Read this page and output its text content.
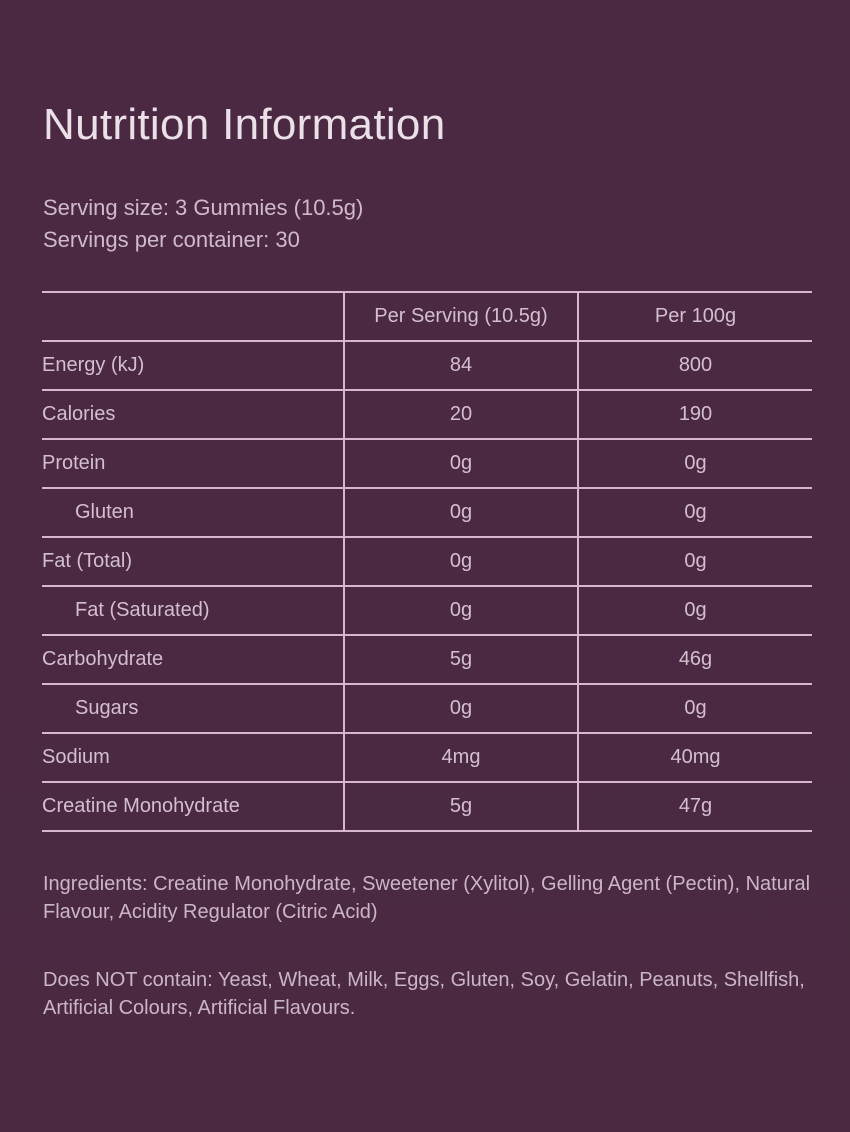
Nutrition Information
Serving size: 3 Gummies (10.5g)
Servings per container: 30
	Per Serving (10.5g)	Per 100g
Energy (kJ)	84	800
Calories	20	190
Protein	0g	0g
Gluten	0g	0g
Fat (Total)	0g	0g
Fat (Saturated)	0g	0g
Carbohydrate	5g	46g
Sugars	0g	0g
Sodium	4mg	40mg
Creatine Monohydrate	5g	47g

Ingredients: Creatine Monohydrate, Sweetener (Xylitol), Gelling Agent (Pectin), Natural Flavour, Acidity Regulator (Citric Acid)

Does NOT contain: Yeast, Wheat, Milk, Eggs, Gluten, Soy, Gelatin, Peanuts, Shellfish, Artificial Colours, Artificial Flavours.
